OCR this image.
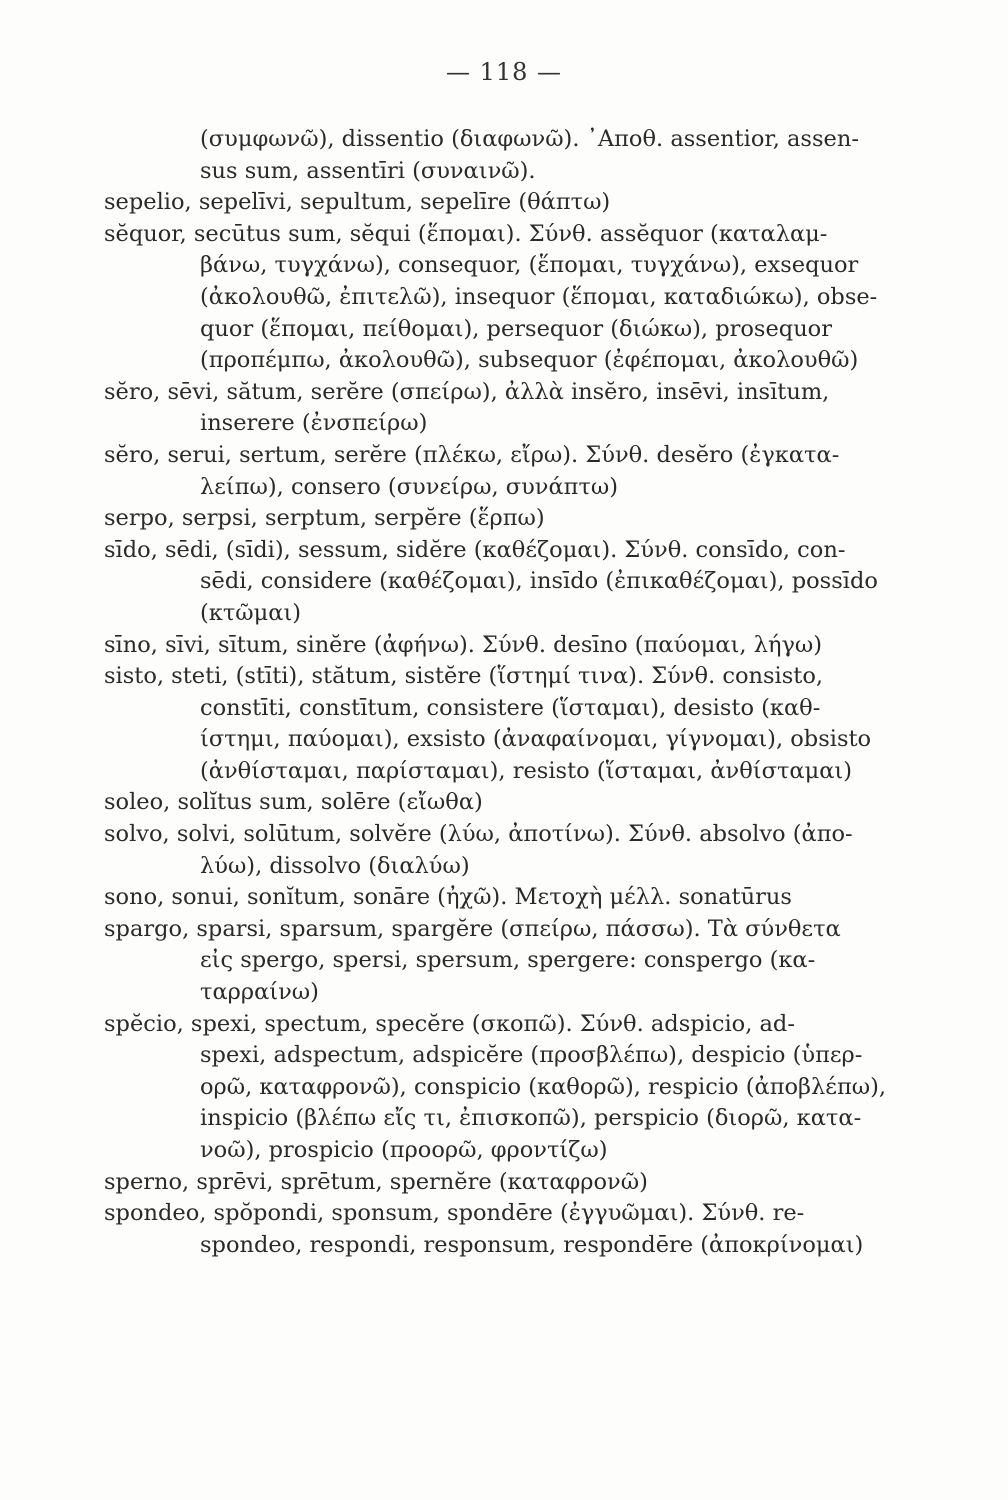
— 118 —
(συμφωνῶ), dissentio (διαφωνῶ). ᾿Αποθ. assentior, assen-
sus sum, assentīri (συναινῶ).
sepelio, sepelīvi, sepultum, sepelīre (θάπτω)
sĕquor, secūtus sum, sĕqui (ἕπομαι). Σύνθ. assĕquor (καταλαμ-
βάνω, τυγχάνω), consequor, (ἕπομαι, τυγχάνω), exsequor
(ἀκολουθῶ, ἐπιτελῶ), insequor (ἕπομαι, καταδιώκω), obse-
quor (ἕπομαι, πείθομαι), persequor (διώκω), prosequor
(προπέμπω, ἀκολουθῶ), subsequor (ἐφέπομαι, ἀκολουθῶ)
sĕro, sēvi, sătum, serĕre (σπείρω), ἀλλὰ insĕro, insēvi, insītum,
inserere (ἐνσπείρω)
sĕro, serui, sertum, serĕre (πλέκω, εἴρω). Σύνθ. desĕro (ἐγκατα-
λείπω), consero (συνείρω, συνάπτω)
serpo, serpsi, serptum, serpĕre (ἕρπω)
sīdo, sēdi, (sīdi), sessum, sidĕre (καθέζομαι). Σύνθ. consīdo, con-
sēdi, considere (καθέζομαι), insīdo (ἐπικαθέζομαι), possīdo
(κτῶμαι)
sīno, sīvi, sītum, sinĕre (ἀφήνω). Σύνθ. desīno (παύομαι, λήγω)
sisto, steti, (stīti), stătum, sistĕre (ἵστημί τινα). Σύνθ. consisto,
constīti, constītum, consistere (ἵσταμαι), desisto (καθ-
ίστημι, παύομαι), exsisto (ἀναφαίνομαι, γίγνομαι), obsisto
(ἀνθίσταμαι, παρίσταμαι), resisto (ἵσταμαι, ἀνθίσταμαι)
soleo, solĭtus sum, solēre (εἴωθα)
solvo, solvi, solūtum, solvĕre (λύω, ἀποτίνω). Σύνθ. absolvo (ἀπο-
λύω), dissolvo (διαλύω)
sono, sonui, sonĭtum, sonāre (ἠχῶ). Μετοχὴ μέλλ. sonatūrus
spargo, sparsi, sparsum, spargĕre (σπείρω, πάσσω). Τὰ σύνθετα
εἰς spergo, spersi, spersum, spergere: conspergo (κα-
ταρραίνω)
spĕcio, spexi, spectum, specĕre (σκοπῶ). Σύνθ. adspicio, ad-
spexi, adspectum, adspicĕre (προσβλέπω), despicio (ὑπερ-
ορῶ, καταφρονῶ), conspicio (καθορῶ), respicio (ἀποβλέπω),
inspicio (βλέπω εἴς τι, ἐπισκοπῶ), perspicio (διορῶ, κατα-
νοῶ), prospicio (προορῶ, φροντίζω)
sperno, sprēvi, sprētum, spernĕre (καταφρονῶ)
spondeo, spŏpondi, sponsum, spondēre (ἐγγυῶμαι). Σύνθ. re-
spondeo, respondi, responsum, respondēre (ἀποκρίνομαι)
